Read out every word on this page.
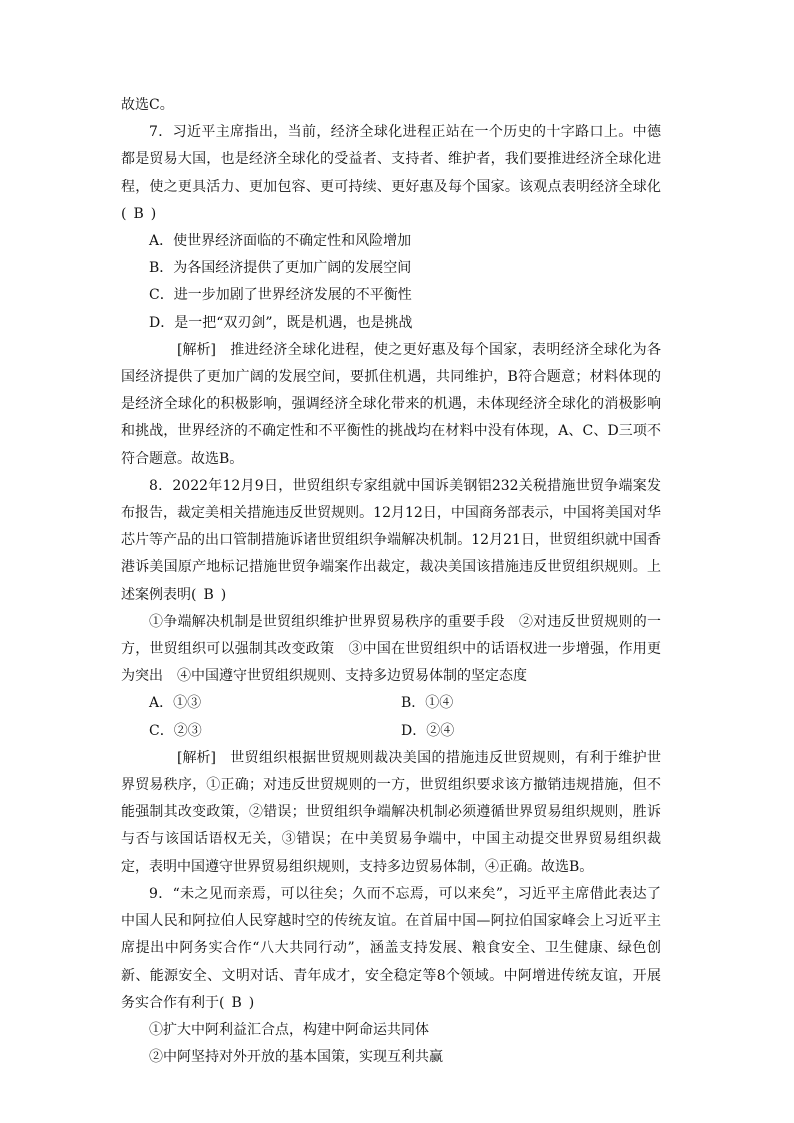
故选C。

7．习近平主席指出，当前，经济全球化进程正站在一个历史的十字路口上。中德都是贸易大国，也是经济全球化的受益者、支持者、维护者，我们要推进经济全球化进程，使之更具活力、更加包容、更可持续、更好惠及每个国家。该观点表明经济全球化( B )

A．使世界经济面临的不确定性和风险增加

B．为各国经济提供了更加广阔的发展空间

C．进一步加剧了世界经济发展的不平衡性

D．是一把“双刃剑”，既是机遇，也是挑战

[解析]  推进经济全球化进程，使之更好惠及每个国家，表明经济全球化为各国经济提供了更加广阔的发展空间，要抓住机遇，共同维护，B符合题意；材料体现的是经济全球化的积极影响，强调经济全球化带来的机遇，未体现经济全球化的消极影响和挑战，世界经济的不确定性和不平衡性的挑战均在材料中没有体现，A、C、D三项不符合题意。故选B。

8．2022年12月9日，世贸组织专家组就中国诉美钢铝232关税措施世贸争端案发布报告，裁定美相关措施违反世贸规则。12月12日，中国商务部表示，中国将美国对华芯片等产品的出口管制措施诉诸世贸组织争端解决机制。12月21日，世贸组织就中国香港诉美国原产地标记措施世贸争端案作出裁定，裁决美国该措施违反世贸组织规则。上述案例表明( B )

①争端解决机制是世贸组织维护世界贸易秩序的重要手段 ②对违反世贸规则的一方，世贸组织可以强制其改变政策 ③中国在世贸组织中的话语权进一步增强，作用更为突出 ④中国遵守世贸组织规则、支持多边贸易体制的坚定态度

A．①③	B．①④
C．②③	D．②④

[解析]  世贸组织根据世贸规则裁决美国的措施违反世贸规则，有利于维护世界贸易秩序，①正确；对违反世贸规则的一方，世贸组织要求该方撤销违规措施，但不能强制其改变政策，②错误；世贸组织争端解决机制必须遵循世界贸易组织规则，胜诉与否与该国话语权无关，③错误；在中美贸易争端中，中国主动提交世界贸易组织裁定，表明中国遵守世界贸易组织规则，支持多边贸易体制，④正确。故选B。

9．“未之见而亲焉，可以往矣；久而不忘焉，可以来矣”，习近平主席借此表达了中国人民和阿拉伯人民穿越时空的传统友谊。在首届中国—阿拉伯国家峰会上习近平主席提出中阿务实合作“八大共同行动”，涵盖支持发展、粮食安全、卫生健康、绿色创新、能源安全、文明对话、青年成才，安全稳定等8个领域。中阿增进传统友谊，开展务实合作有利于( B )

①扩大中阿利益汇合点，构建中阿命运共同体

②中阿坚持对外开放的基本国策，实现互利共赢
